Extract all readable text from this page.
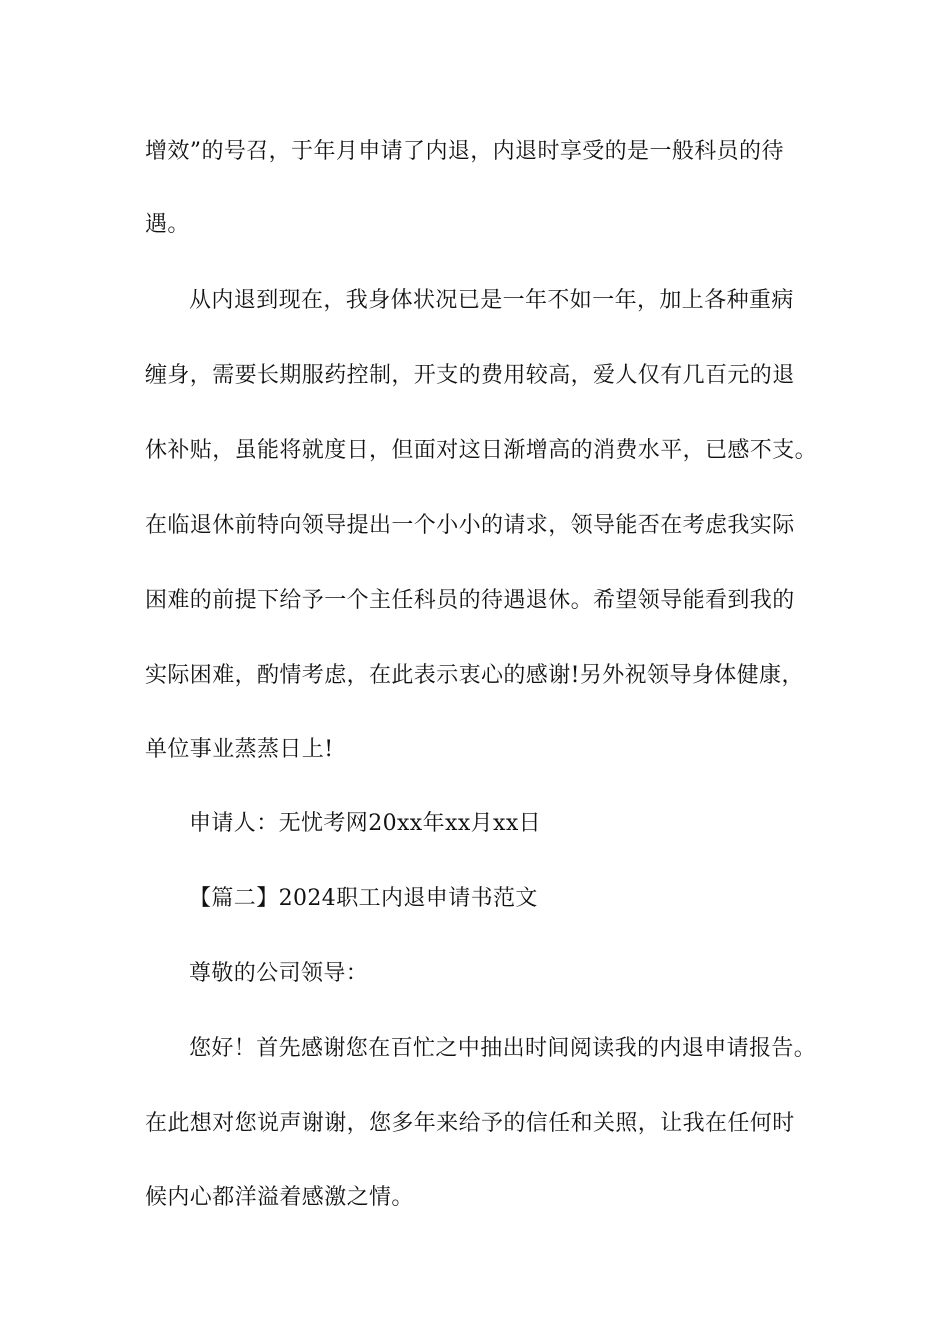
增效”的号召，于年月申请了内退，内退时享受的是一般科员的待
遇。
从内退到现在，我身体状况已是一年不如一年，加上各种重病
缠身，需要长期服药控制，开支的费用较高，爱人仅有几百元的退
休补贴，虽能将就度日，但面对这日渐增高的消费水平，已感不支。
在临退休前特向领导提出一个小小的请求，领导能否在考虑我实际
困难的前提下给予一个主任科员的待遇退休。希望领导能看到我的
实际困难，酌情考虑，在此表示衷心的感谢!另外祝领导身体健康，
单位事业蒸蒸日上!
申请人：无忧考网20xx年xx月xx日
【篇二】2024职工内退申请书范文
尊敬的公司领导：
您好！首先感谢您在百忙之中抽出时间阅读我的内退申请报告。
在此想对您说声谢谢，您多年来给予的信任和关照，让我在任何时
候内心都洋溢着感激之情。
